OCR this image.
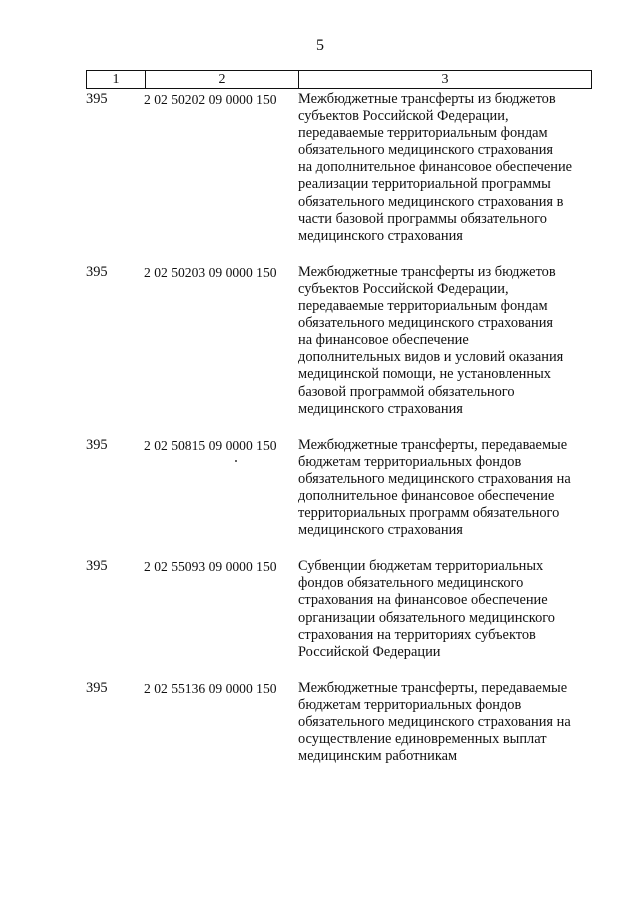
5
1	2	3
395	2 02 50202 09 0000 150	Межбюджетные трансферты из бюджетов
субъектов Российской Федерации,
передаваемые территориальным фондам
обязательного медицинского страхования
на дополнительное финансовое обеспечение
реализации территориальной программы
обязательного медицинского страхования в
части базовой программы обязательного
медицинского страхования
395	2 02 50203 09 0000 150	Межбюджетные трансферты из бюджетов
субъектов Российской Федерации,
передаваемые территориальным фондам
обязательного медицинского страхования
на финансовое обеспечение
дополнительных видов и условий оказания
медицинской помощи, не установленных
базовой программой обязательного
медицинского страхования
395	2 02 50815 09 0000 150	Межбюджетные трансферты, передаваемые
бюджетам территориальных фондов
обязательного медицинского страхования на
дополнительное финансовое обеспечение
территориальных программ обязательного
медицинского страхования
395	2 02 55093 09 0000 150	Субвенции бюджетам территориальных
фондов обязательного медицинского
страхования на финансовое обеспечение
организации обязательного медицинского
страхования на территориях субъектов
Российской Федерации
395	2 02 55136 09 0000 150	Межбюджетные трансферты, передаваемые
бюджетам территориальных фондов
обязательного медицинского страхования на
осуществление единовременных выплат
медицинским работникам
